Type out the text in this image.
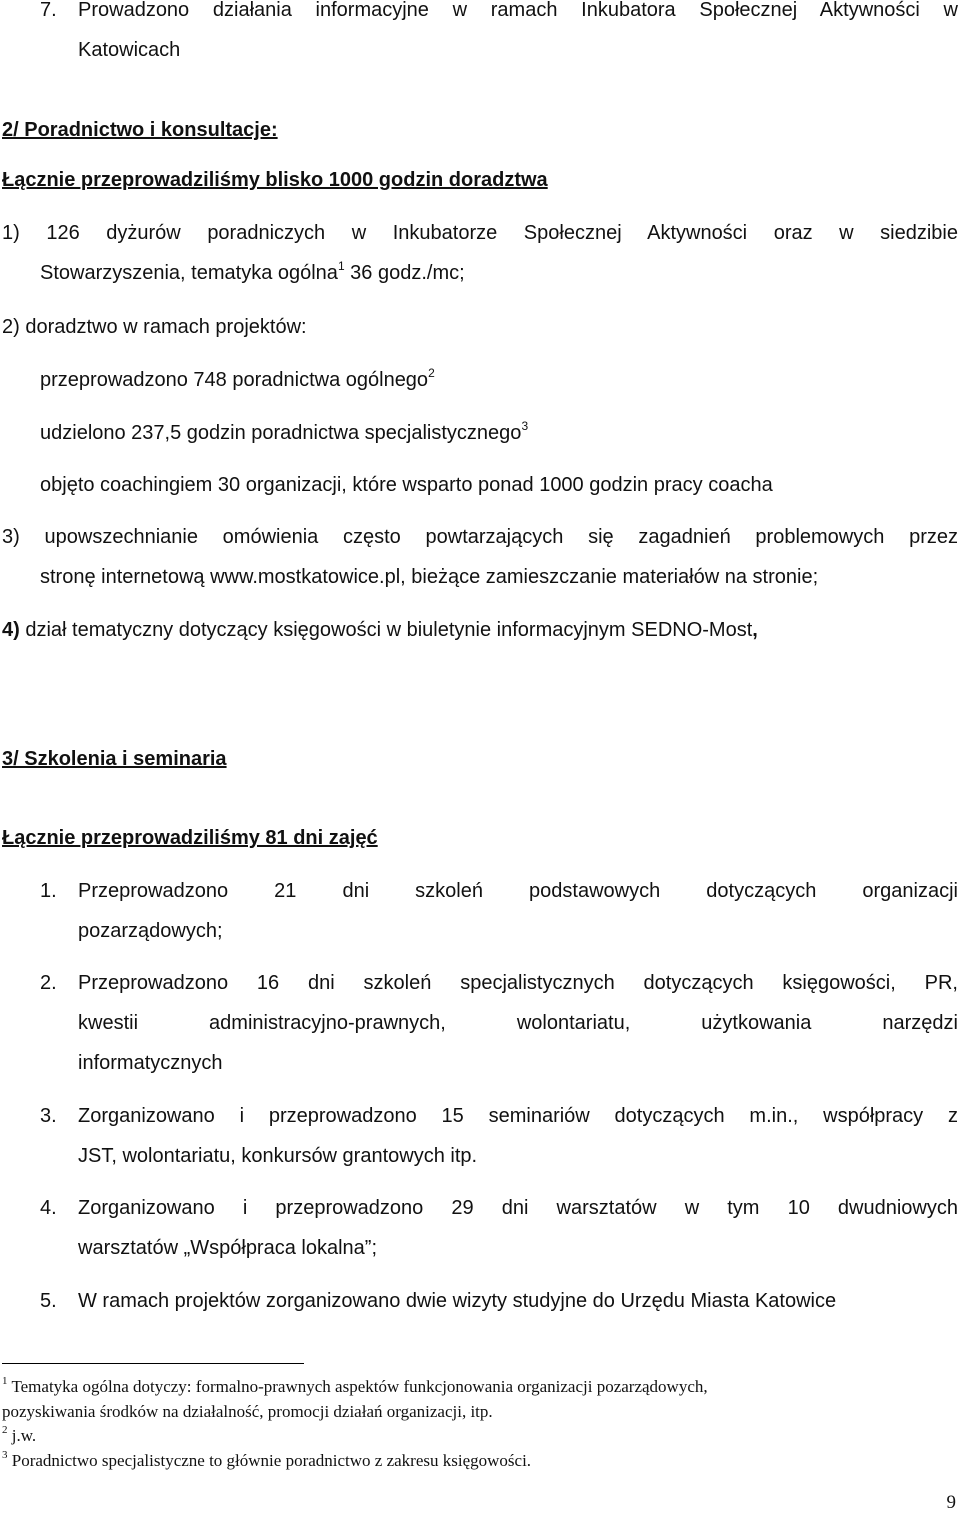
7. Prowadzono działania informacyjne w ramach Inkubatora Społecznej Aktywności w
Katowicach
2/ Poradnictwo i konsultacje:
Łącznie przeprowadziliśmy blisko 1000 godzin doradztwa
1) 126 dyżurów poradniczych w Inkubatorze Społecznej Aktywności oraz w siedzibie
Stowarzyszenia, tematyka ogólna$^1$ 36 godz./mc;
2) doradztwo w ramach projektów:
przeprowadzono 748 poradnictwa ogólnego$^2$
udzielono 237,5 godzin poradnictwa specjalistycznego$^3$
objęto coachingiem 30 organizacji, które wsparto ponad 1000 godzin pracy coacha
3) upowszechnianie omówienia często powtarzających się zagadnień problemowych przez
stronę internetową www.mostkatowice.pl, bieżące zamieszczanie materiałów na stronie;
4) dział tematyczny dotyczący księgowości w biuletynie informacyjnym SEDNO-Most,
3/ Szkolenia i seminaria
Łącznie przeprowadziliśmy 81 dni zajęć
1. Przeprowadzono 21 dni szkoleń podstawowych dotyczących organizacji
pozarządowych;
2. Przeprowadzono 16 dni szkoleń specjalistycznych dotyczących księgowości, PR,
kwestii administracyjno-prawnych, wolontariatu, użytkowania narzędzi
informatycznych
3. Zorganizowano i przeprowadzono 15 seminariów dotyczących m.in., współpracy z
JST, wolontariatu, konkursów grantowych itp.
4. Zorganizowano i przeprowadzono 29 dni warsztatów w tym 10 dwudniowych
warsztatów „Współpraca lokalna”;
5. W ramach projektów zorganizowano dwie wizyty studyjne do Urzędu Miasta Katowice
$^1$ Tematyka ogólna dotyczy: formalno-prawnych aspektów funkcjonowania organizacji pozarządowych,
pozyskiwania środków na działalność, promocji działań organizacji, itp.
$^2$ j.w.
$^3$ Poradnictwo specjalistyczne to głównie poradnictwo z zakresu księgowości.
9
